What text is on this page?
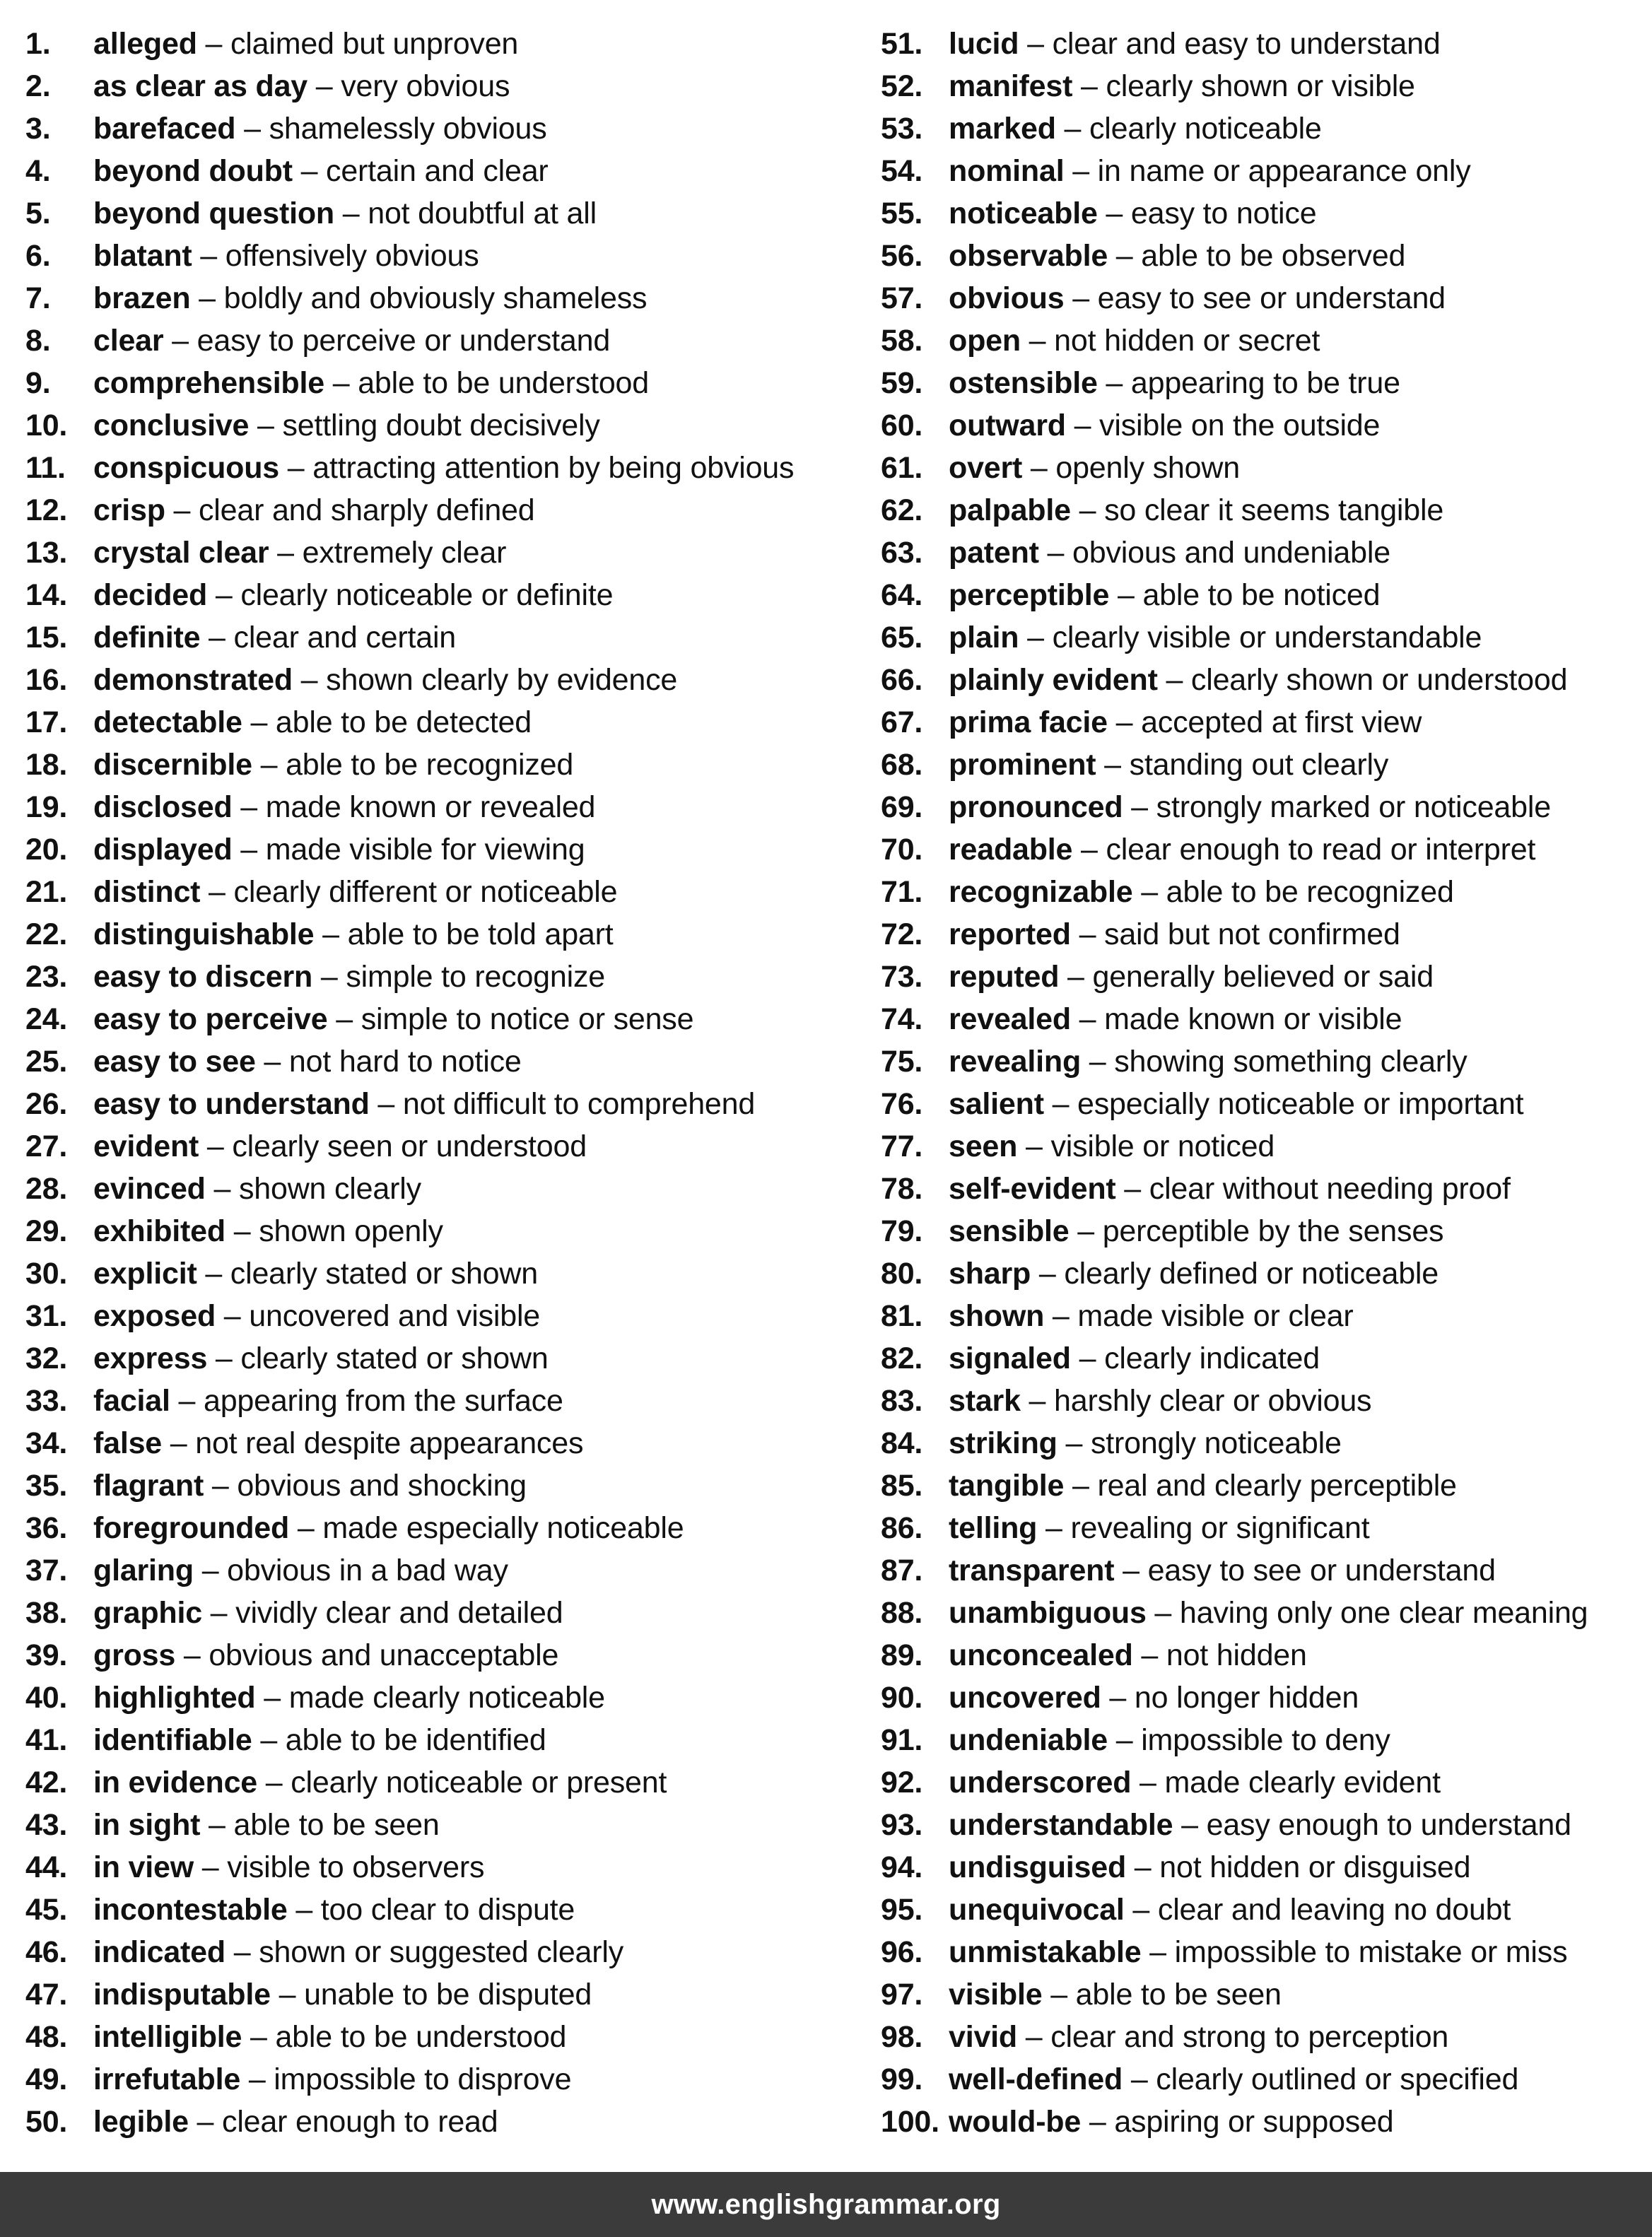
1.	alleged – claimed but unproven
2.	as clear as day – very obvious
3.	barefaced – shamelessly obvious
4.	beyond doubt – certain and clear
5.	beyond question – not doubtful at all
6.	blatant – offensively obvious
7.	brazen – boldly and obviously shameless
8.	clear – easy to perceive or understand
9.	comprehensible – able to be understood
10. conclusive – settling doubt decisively
11. conspicuous – attracting attention by being obvious
12. crisp – clear and sharply defined
13. crystal clear – extremely clear
14. decided – clearly noticeable or definite
15. definite – clear and certain
16. demonstrated – shown clearly by evidence
17. detectable – able to be detected
18. discernible – able to be recognized
19. disclosed – made known or revealed
20. displayed – made visible for viewing
21. distinct – clearly different or noticeable
22. distinguishable – able to be told apart
23. easy to discern – simple to recognize
24. easy to perceive – simple to notice or sense
25. easy to see – not hard to notice
26. easy to understand – not difficult to comprehend
27. evident – clearly seen or understood
28. evinced – shown clearly
29. exhibited – shown openly
30. explicit – clearly stated or shown
31. exposed – uncovered and visible
32. express – clearly stated or shown
33. facial – appearing from the surface
34. false – not real despite appearances
35. flagrant – obvious and shocking
36. foregrounded – made especially noticeable
37. glaring – obvious in a bad way
38. graphic – vividly clear and detailed
39. gross – obvious and unacceptable
40. highlighted – made clearly noticeable
41. identifiable – able to be identified
42. in evidence – clearly noticeable or present
43. in sight – able to be seen
44. in view – visible to observers
45. incontestable – too clear to dispute
46. indicated – shown or suggested clearly
47. indisputable – unable to be disputed
48. intelligible – able to be understood
49. irrefutable – impossible to disprove
50. legible – clear enough to read
51. lucid – clear and easy to understand
52. manifest – clearly shown or visible
53. marked – clearly noticeable
54. nominal – in name or appearance only
55. noticeable – easy to notice
56. observable – able to be observed
57. obvious – easy to see or understand
58. open – not hidden or secret
59. ostensible – appearing to be true
60. outward – visible on the outside
61. overt – openly shown
62. palpable – so clear it seems tangible
63. patent – obvious and undeniable
64. perceptible – able to be noticed
65. plain – clearly visible or understandable
66. plainly evident – clearly shown or understood
67. prima facie – accepted at first view
68. prominent – standing out clearly
69. pronounced – strongly marked or noticeable
70. readable – clear enough to read or interpret
71. recognizable – able to be recognized
72. reported – said but not confirmed
73. reputed – generally believed or said
74. revealed – made known or visible
75. revealing – showing something clearly
76. salient – especially noticeable or important
77. seen – visible or noticed
78. self-evident – clear without needing proof
79. sensible – perceptible by the senses
80. sharp – clearly defined or noticeable
81. shown – made visible or clear
82. signaled – clearly indicated
83. stark – harshly clear or obvious
84. striking – strongly noticeable
85. tangible – real and clearly perceptible
86. telling – revealing or significant
87. transparent – easy to see or understand
88. unambiguous – having only one clear meaning
89. unconcealed – not hidden
90. uncovered – no longer hidden
91. undeniable – impossible to deny
92. underscored – made clearly evident
93. understandable – easy enough to understand
94. undisguised – not hidden or disguised
95. unequivocal – clear and leaving no doubt
96. unmistakable – impossible to mistake or miss
97. visible – able to be seen
98. vivid – clear and strong to perception
99. well-defined – clearly outlined or specified
100. would-be – aspiring or supposed
www.englishgrammar.org
